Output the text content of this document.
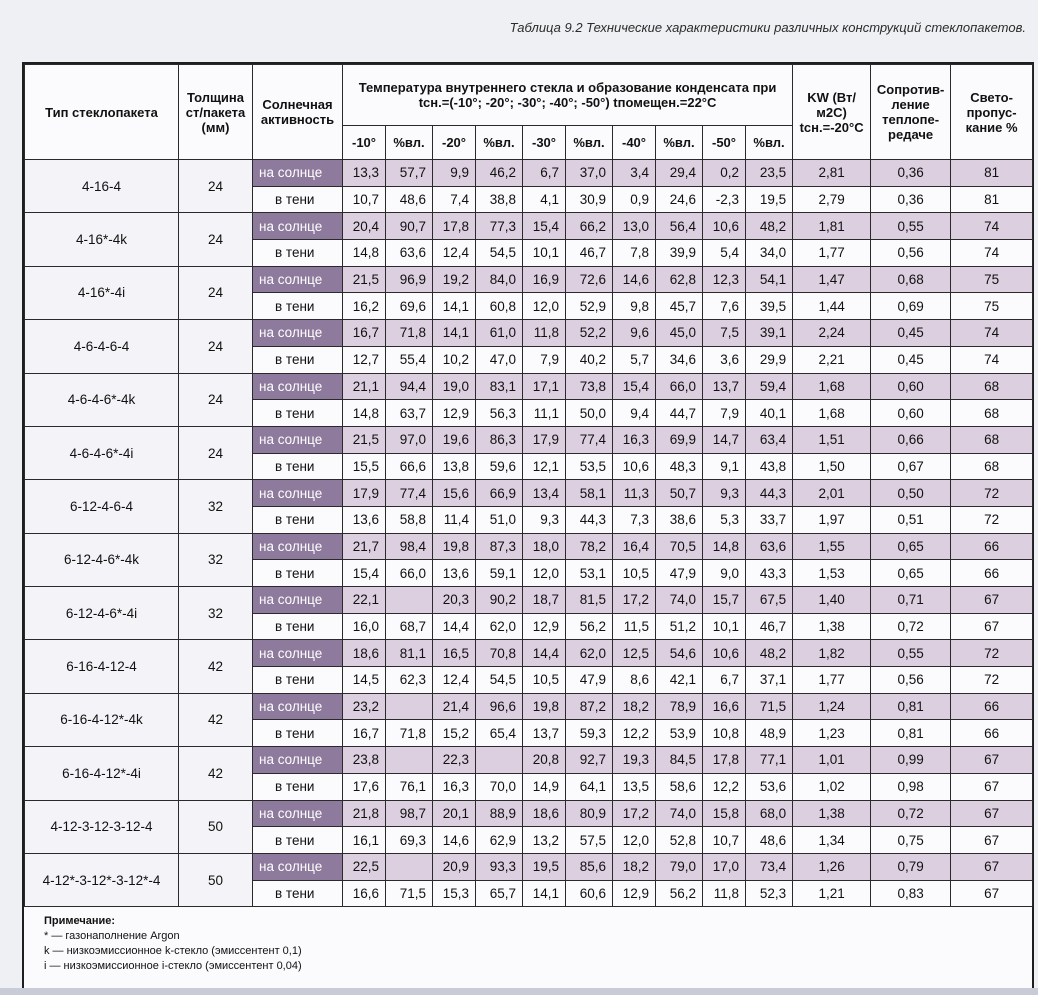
Таблица 9.2 Технические характеристики различных конструкций стеклопакетов.
Тип стеклопакета	Толщина ст/пакета (мм)	Солнечная активность	Температура внутреннего стекла и образование конденсата при tсн.=(-10°; -20°; -30°; -40°; -50°) tпомещен.=22°C										KW (Вт/м2С) tсн.=-20°C	Сопротив-ление теплопе-редаче	Свето-пропус-кание %
			-10°	%вл.	-20°	%вл.	-30°	%вл.	-40°	%вл.	-50°	%вл.			
4-16-4	24	на солнце	13,3	57,7	9,9	46,2	6,7	37,0	3,4	29,4	0,2	23,5	2,81	0,36	81
		в тени	10,7	48,6	7,4	38,8	4,1	30,9	0,9	24,6	-2,3	19,5	2,79	0,36	81
4-16*-4k	24	на солнце	20,4	90,7	17,8	77,3	15,4	66,2	13,0	56,4	10,6	48,2	1,81	0,55	74
		в тени	14,8	63,6	12,4	54,5	10,1	46,7	7,8	39,9	5,4	34,0	1,77	0,56	74
4-16*-4i	24	на солнце	21,5	96,9	19,2	84,0	16,9	72,6	14,6	62,8	12,3	54,1	1,47	0,68	75
		в тени	16,2	69,6	14,1	60,8	12,0	52,9	9,8	45,7	7,6	39,5	1,44	0,69	75
4-6-4-6-4	24	на солнце	16,7	71,8	14,1	61,0	11,8	52,2	9,6	45,0	7,5	39,1	2,24	0,45	74
		в тени	12,7	55,4	10,2	47,0	7,9	40,2	5,7	34,6	3,6	29,9	2,21	0,45	74
4-6-4-6*-4k	24	на солнце	21,1	94,4	19,0	83,1	17,1	73,8	15,4	66,0	13,7	59,4	1,68	0,60	68
		в тени	14,8	63,7	12,9	56,3	11,1	50,0	9,4	44,7	7,9	40,1	1,68	0,60	68
4-6-4-6*-4i	24	на солнце	21,5	97,0	19,6	86,3	17,9	77,4	16,3	69,9	14,7	63,4	1,51	0,66	68
		в тени	15,5	66,6	13,8	59,6	12,1	53,5	10,6	48,3	9,1	43,8	1,50	0,67	68
6-12-4-6-4	32	на солнце	17,9	77,4	15,6	66,9	13,4	58,1	11,3	50,7	9,3	44,3	2,01	0,50	72
		в тени	13,6	58,8	11,4	51,0	9,3	44,3	7,3	38,6	5,3	33,7	1,97	0,51	72
6-12-4-6*-4k	32	на солнце	21,7	98,4	19,8	87,3	18,0	78,2	16,4	70,5	14,8	63,6	1,55	0,65	66
		в тени	15,4	66,0	13,6	59,1	12,0	53,1	10,5	47,9	9,0	43,3	1,53	0,65	66
6-12-4-6*-4i	32	на солнце	22,1		20,3	90,2	18,7	81,5	17,2	74,0	15,7	67,5	1,40	0,71	67
		в тени	16,0	68,7	14,4	62,0	12,9	56,2	11,5	51,2	10,1	46,7	1,38	0,72	67
6-16-4-12-4	42	на солнце	18,6	81,1	16,5	70,8	14,4	62,0	12,5	54,6	10,6	48,2	1,82	0,55	72
		в тени	14,5	62,3	12,4	54,5	10,5	47,9	8,6	42,1	6,7	37,1	1,77	0,56	72
6-16-4-12*-4k	42	на солнце	23,2		21,4	96,6	19,8	87,2	18,2	78,9	16,6	71,5	1,24	0,81	66
		в тени	16,7	71,8	15,2	65,4	13,7	59,3	12,2	53,9	10,8	48,9	1,23	0,81	66
6-16-4-12*-4i	42	на солнце	23,8		22,3		20,8	92,7	19,3	84,5	17,8	77,1	1,01	0,99	67
		в тени	17,6	76,1	16,3	70,0	14,9	64,1	13,5	58,6	12,2	53,6	1,02	0,98	67
4-12-3-12-3-12-4	50	на солнце	21,8	98,7	20,1	88,9	18,6	80,9	17,2	74,0	15,8	68,0	1,38	0,72	67
		в тени	16,1	69,3	14,6	62,9	13,2	57,5	12,0	52,8	10,7	48,6	1,34	0,75	67
4-12*-3-12*-3-12*-4	50	на солнце	22,5		20,9	93,3	19,5	85,6	18,2	79,0	17,0	73,4	1,26	0,79	67
		в тени	16,6	71,5	15,3	65,7	14,1	60,6	12,9	56,2	11,8	52,3	1,21	0,83	67
Примечание:
* — газонаполнение Argon
k — низкоэмиссионное k-стекло (эмиссентент 0,1)
i — низкоэмиссионное i-стекло (эмиссентент 0,04)
